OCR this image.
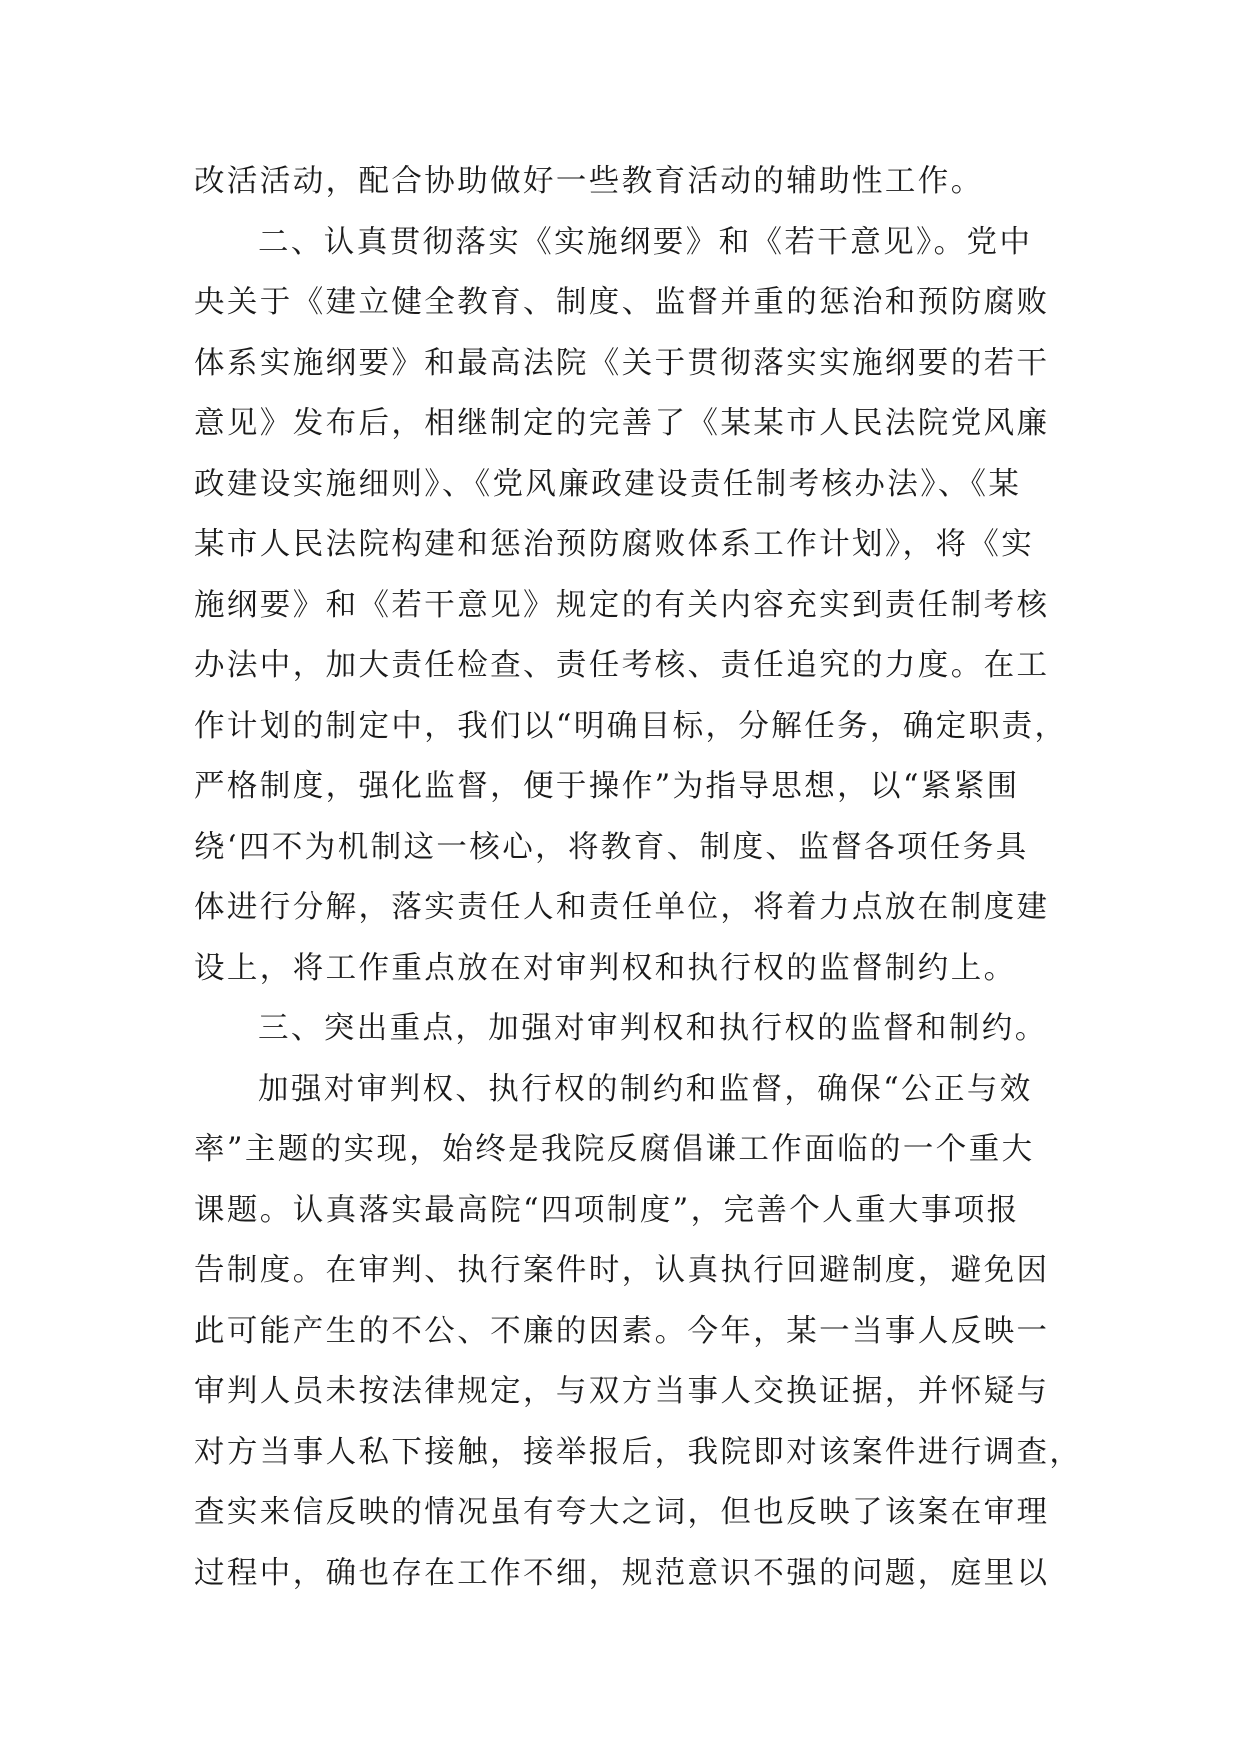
改活活动，配合协助做好一些教育活动的辅助性工作。
二、认真贯彻落实《实施纲要》和《若干意见》。党中
央关于《建立健全教育、制度、监督并重的惩治和预防腐败
体系实施纲要》和最高法院《关于贯彻落实实施纲要的若干
意见》发布后，相继制定的完善了《某某市人民法院党风廉
政建设实施细则》、《党风廉政建设责任制考核办法》、《某
某市人民法院构建和惩治预防腐败体系工作计划》，将《实
施纲要》和《若干意见》规定的有关内容充实到责任制考核
办法中，加大责任检查、责任考核、责任追究的力度。在工
作计划的制定中，我们以“明确目标，分解任务，确定职责，
严格制度，强化监督，便于操作”为指导思想，以“紧紧围
绕‘四不为机制这一核心，将教育、制度、监督各项任务具
体进行分解，落实责任人和责任单位，将着力点放在制度建
设上，将工作重点放在对审判权和执行权的监督制约上。
三、突出重点，加强对审判权和执行权的监督和制约。
加强对审判权、执行权的制约和监督，确保“公正与效
率”主题的实现，始终是我院反腐倡谦工作面临的一个重大
课题。认真落实最高院“四项制度”，完善个人重大事项报
告制度。在审判、执行案件时，认真执行回避制度，避免因
此可能产生的不公、不廉的因素。今年，某一当事人反映一
审判人员未按法律规定，与双方当事人交换证据，并怀疑与
对方当事人私下接触，接举报后，我院即对该案件进行调查，
查实来信反映的情况虽有夸大之词，但也反映了该案在审理
过程中，确也存在工作不细，规范意识不强的问题，庭里以
